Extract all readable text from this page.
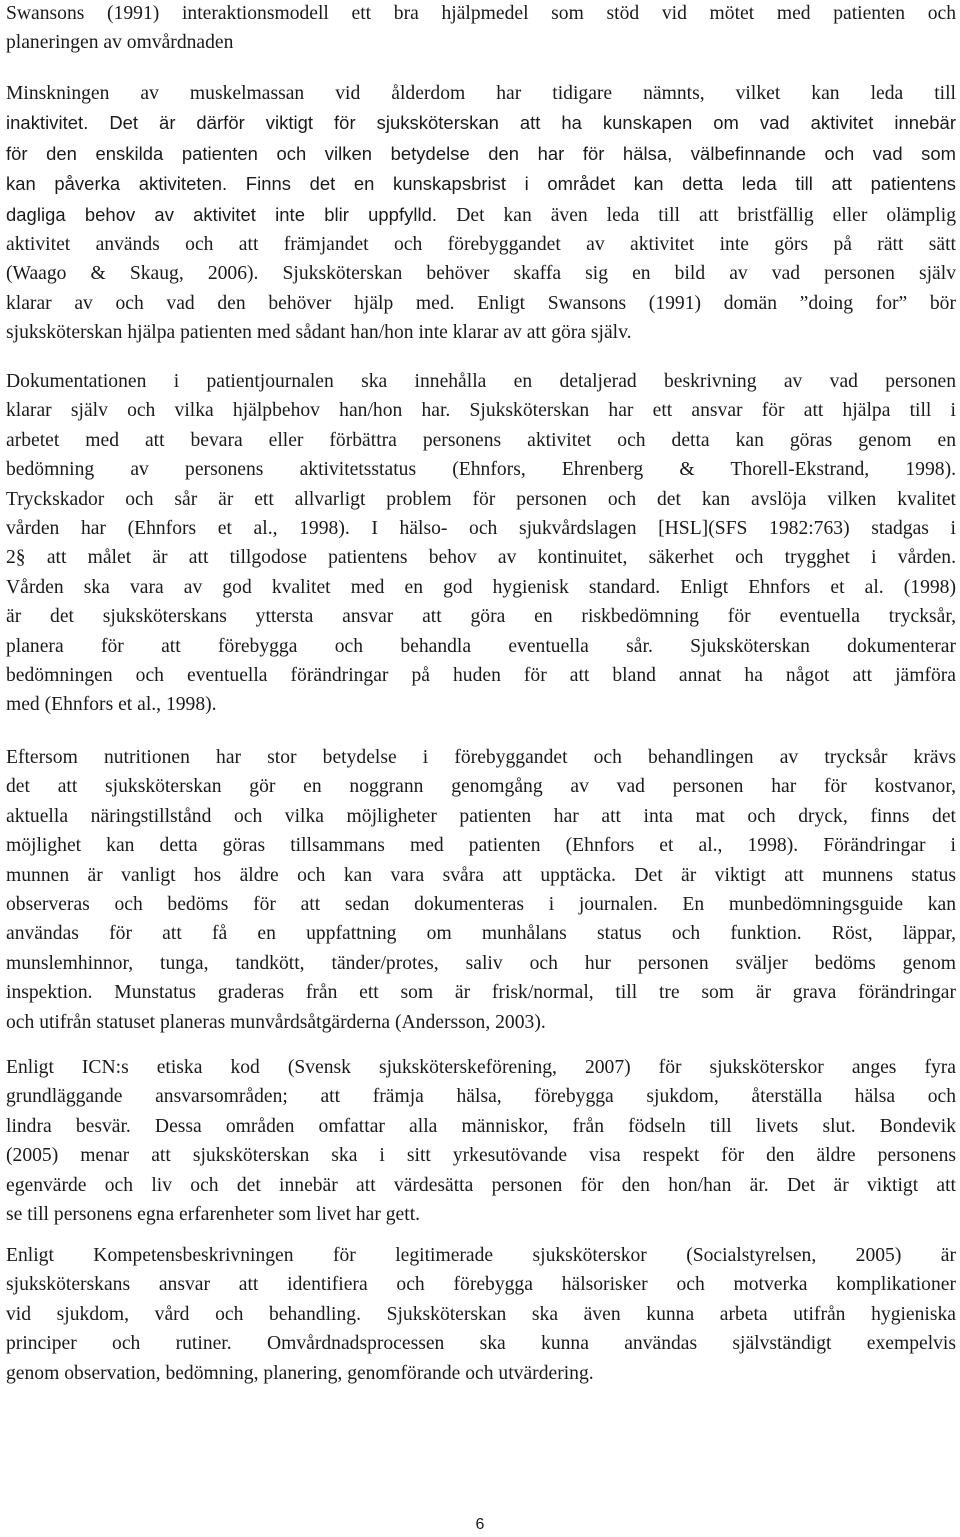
Swansons (1991) interaktionsmodell ett bra hjälpmedel som stöd vid mötet med patienten och
planeringen av omvårdnaden
Minskningen av muskelmassan vid ålderdom har tidigare nämnts, vilket kan leda till
inaktivitet. Det är därför viktigt för sjuksköterskan att ha kunskapen om vad aktivitet innebär
för den enskilda patienten och vilken betydelse den har för hälsa, välbefinnande och vad som
kan påverka aktiviteten. Finns det en kunskapsbrist i området kan detta leda till att patientens
dagliga behov av aktivitet inte blir uppfylld. Det kan även leda till att bristfällig eller olämplig
aktivitet används och att främjandet och förebyggandet av aktivitet inte görs på rätt sätt
(Waago & Skaug, 2006). Sjuksköterskan behöver skaffa sig en bild av vad personen själv
klarar av och vad den behöver hjälp med. Enligt Swansons (1991) domän ”doing for” bör
sjuksköterskan hjälpa patienten med sådant han/hon inte klarar av att göra själv.
Dokumentationen i patientjournalen ska innehålla en detaljerad beskrivning av vad personen
klarar själv och vilka hjälpbehov han/hon har. Sjuksköterskan har ett ansvar för att hjälpa till i
arbetet med att bevara eller förbättra personens aktivitet och detta kan göras genom en
bedömning av personens aktivitetsstatus (Ehnfors, Ehrenberg & Thorell-Ekstrand, 1998).
Tryckskador och sår är ett allvarligt problem för personen och det kan avslöja vilken kvalitet
vården har (Ehnfors et al., 1998). I hälso- och sjukvårdslagen [HSL](SFS 1982:763) stadgas i
2§ att målet är att tillgodose patientens behov av kontinuitet, säkerhet och trygghet i vården.
Vården ska vara av god kvalitet med en god hygienisk standard. Enligt Ehnfors et al. (1998)
är det sjuksköterskans yttersta ansvar att göra en riskbedömning för eventuella trycksår,
planera för att förebygga och behandla eventuella sår. Sjuksköterskan dokumenterar
bedömningen och eventuella förändringar på huden för att bland annat ha något att jämföra
med (Ehnfors et al., 1998).
Eftersom nutritionen har stor betydelse i förebyggandet och behandlingen av trycksår krävs
det att sjuksköterskan gör en noggrann genomgång av vad personen har för kostvanor,
aktuella näringstillstånd och vilka möjligheter patienten har att inta mat och dryck, finns det
möjlighet kan detta göras tillsammans med patienten (Ehnfors et al., 1998). Förändringar i
munnen är vanligt hos äldre och kan vara svåra att upptäcka. Det är viktigt att munnens status
observeras och bedöms för att sedan dokumenteras i journalen. En munbedömningsguide kan
användas för att få en uppfattning om munhålans status och funktion. Röst, läppar,
munslemhinnor, tunga, tandkött, tänder/protes, saliv och hur personen sväljer bedöms genom
inspektion. Munstatus graderas från ett som är frisk/normal, till tre som är grava förändringar
och utifrån statuset planeras munvårdsåtgärderna (Andersson, 2003).
Enligt ICN:s etiska kod (Svensk sjuksköterskeförening, 2007) för sjuksköterskor anges fyra
grundläggande ansvarsområden; att främja hälsa, förebygga sjukdom, återställa hälsa och
lindra besvär. Dessa områden omfattar alla människor, från födseln till livets slut. Bondevik
(2005) menar att sjuksköterskan ska i sitt yrkesutövande visa respekt för den äldre personens
egenvärde och liv och det innebär att värdesätta personen för den hon/han är. Det är viktigt att
se till personens egna erfarenheter som livet har gett.
Enligt Kompetensbeskrivningen för legitimerade sjuksköterskor (Socialstyrelsen, 2005) är
sjuksköterskans ansvar att identifiera och förebygga hälsorisker och motverka komplikationer
vid sjukdom, vård och behandling. Sjuksköterskan ska även kunna arbeta utifrån hygieniska
principer och rutiner. Omvårdnadsprocessen ska kunna användas självständigt exempelvis
genom observation, bedömning, planering, genomförande och utvärdering.

6
